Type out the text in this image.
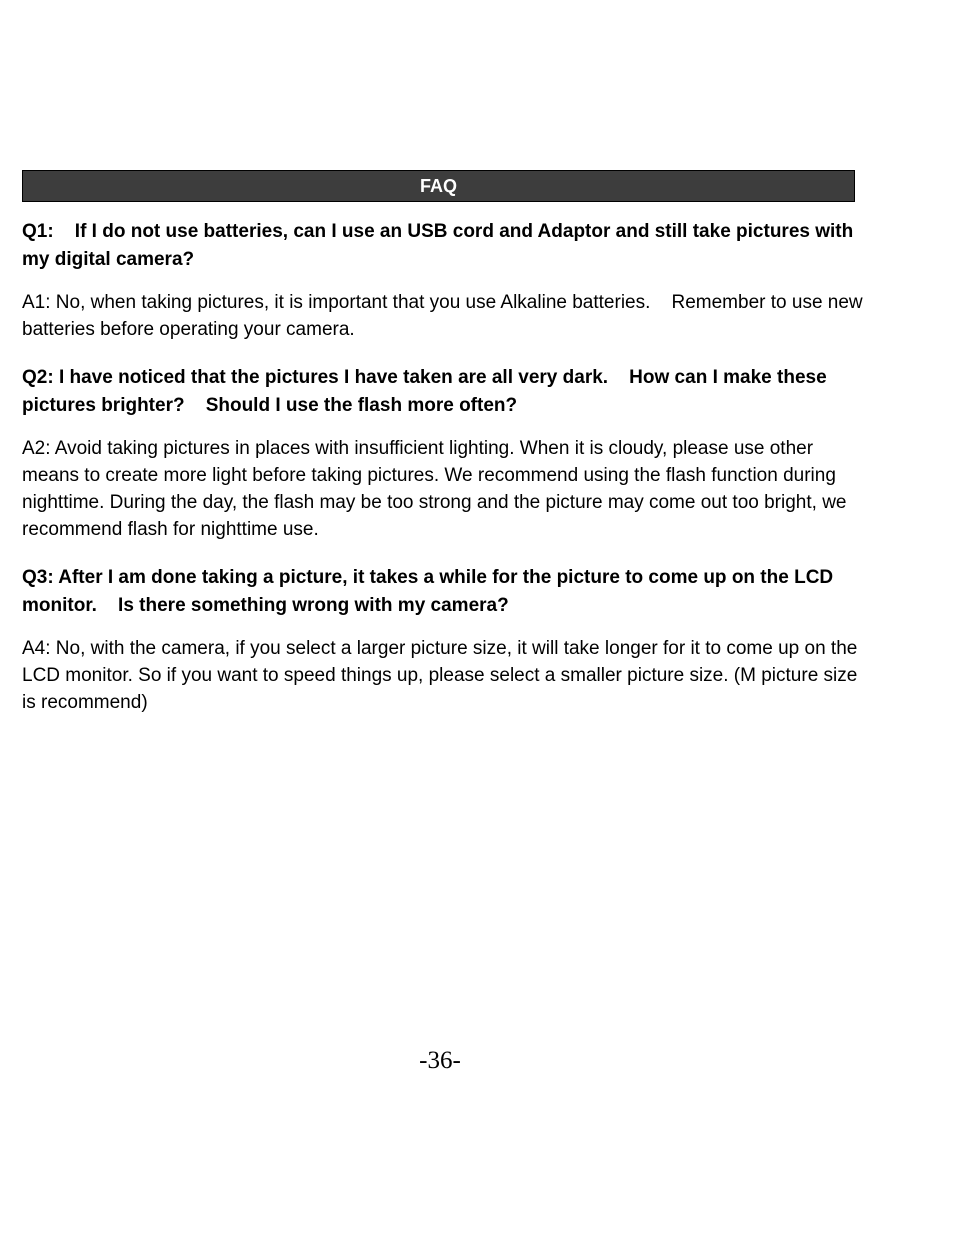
FAQ

Q1:    If I do not use batteries, can I use an USB cord and Adaptor and still take pictures with my digital camera?

A1: No, when taking pictures, it is important that you use Alkaline batteries.    Remember to use new batteries before operating your camera.

Q2: I have noticed that the pictures I have taken are all very dark.    How can I make these pictures brighter?    Should I use the flash more often?

A2: Avoid taking pictures in places with insufficient lighting. When it is cloudy, please use other means to create more light before taking pictures. We recommend using the flash function during nighttime. During the day, the flash may be too strong and the picture may come out too bright, we recommend flash for nighttime use.

Q3: After I am done taking a picture, it takes a while for the picture to come up on the LCD monitor.    Is there something wrong with my camera?

A4: No, with the camera, if you select a larger picture size, it will take longer for it to come up on the LCD monitor. So if you want to speed things up, please select a smaller picture size. (M picture size is recommend)

-36-
